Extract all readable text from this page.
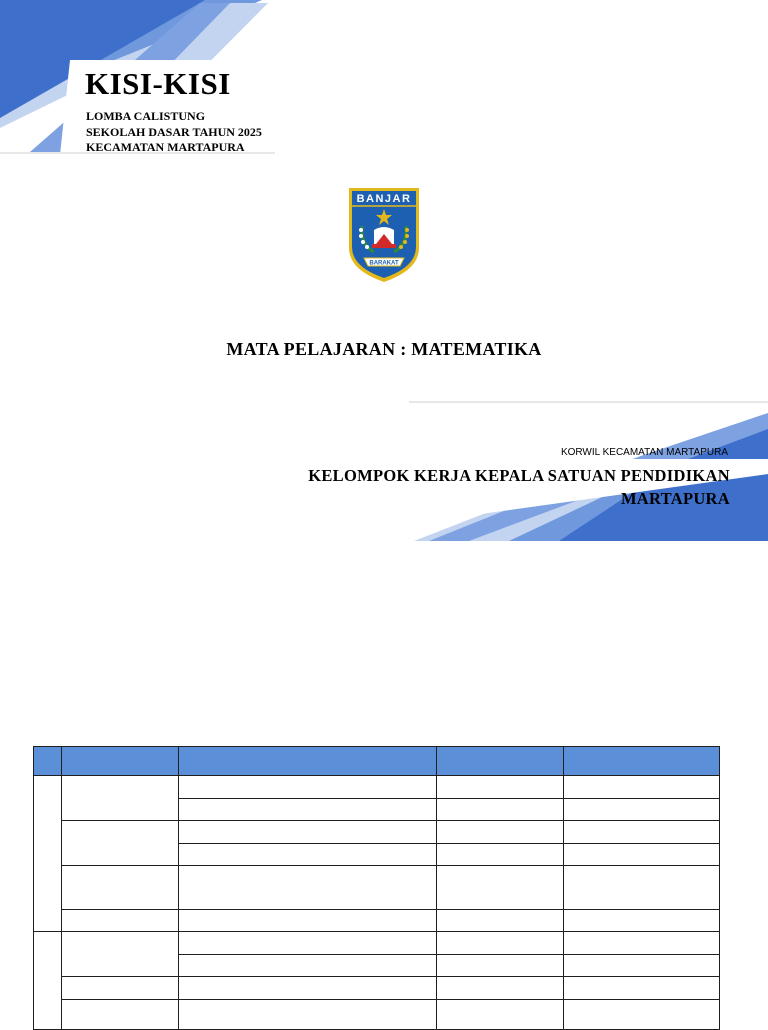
KISI-KISI
LOMBA CALISTUNG
SEKOLAH DASAR TAHUN 2025
KECAMATAN MARTAPURA
BANJAR
BARAKAT
MATA PELAJARAN : MATEMATIKA
KORWIL KECAMATAN MARTAPURA
KELOMPOK KERJA KEPALA SATUAN PENDIDIKAN
MARTAPURA
